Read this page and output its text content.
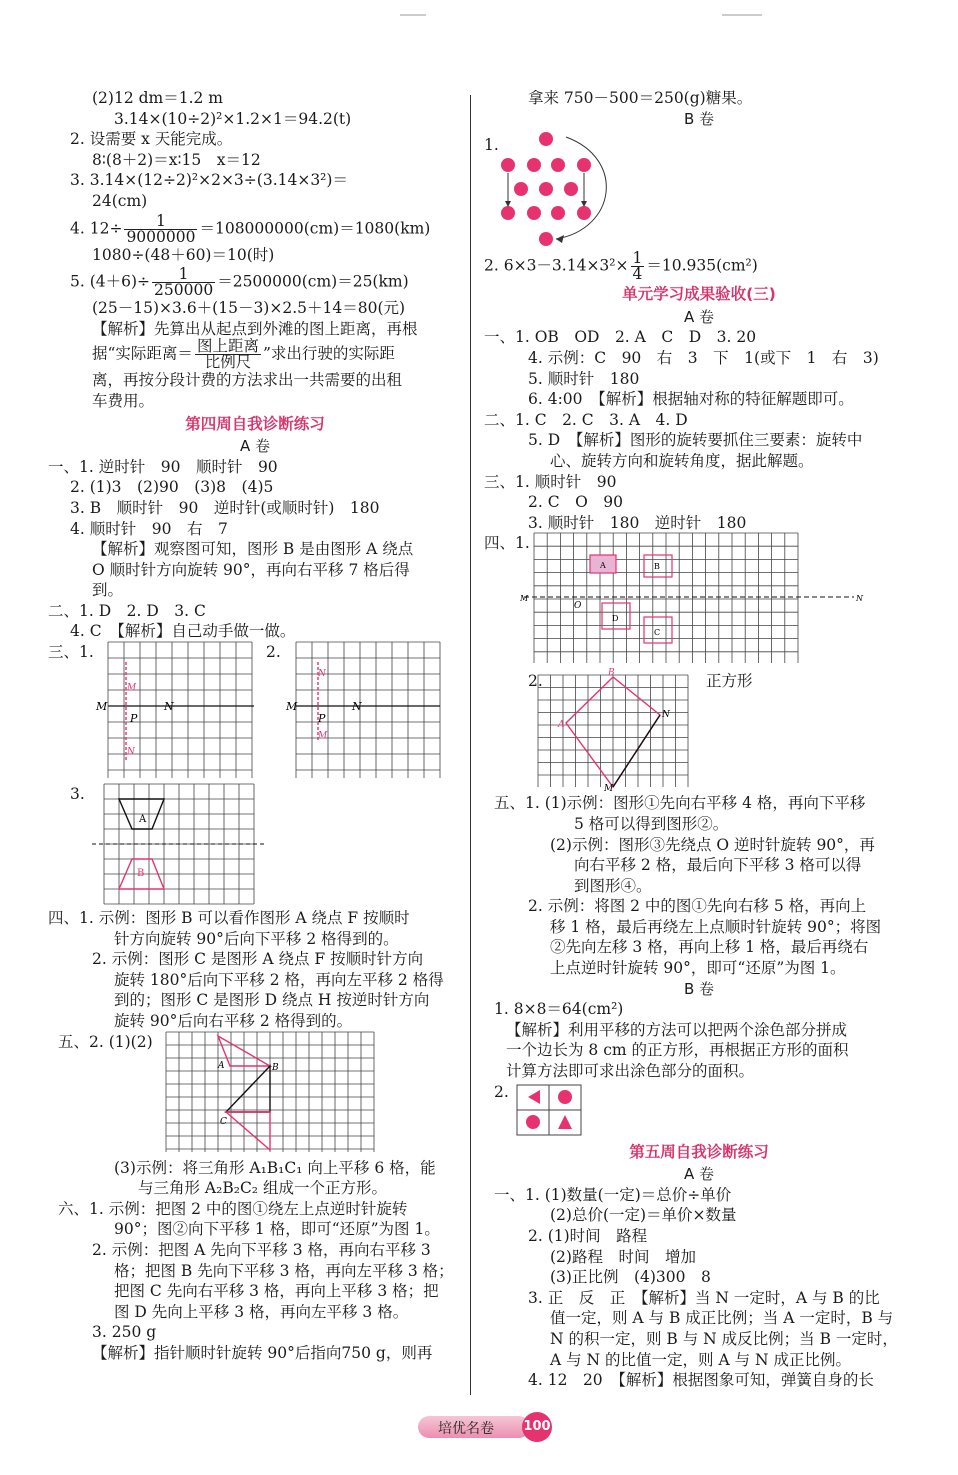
(2)12 dm＝1.2 m
3.14×(10÷2)²×1.2×1＝94.2(t)
2. 设需要 x 天能完成。
8∶(8＋2)＝x∶15　x＝12
3. 3.14×(12÷2)²×2×3÷(3.14×3²)＝
24(cm)
4. $12\div \frac{1}{9000000} =108000000(cm)=1080(km)$
1080÷(48＋60)＝10(时)
5. $(4+6)\div \frac{1}{250000} =2500000(cm)=25(km)$
(25－15)×3.6＋(15－3)×2.5＋14＝80(元)
【解析】先算出从起点到外滩的图上距离，再根
据“实际距离＝ $\frac{\text{图上距离}}{\text{比例尺}}$ ”求出行驶的实际距
离，再按分段计费的方法求出一共需要的出租
车费用。
第四周自我诊断练习
A 卷
一、1. 逆时针　90　顺时针　90
2. (1)3　(2)90　(3)8　(4)5
3. B　顺时针　90　逆时针(或顺时针)　180
4. 顺时针　90　右　7
【解析】观察图可知，图形 B 是由图形 A 绕点
O 顺时针方向旋转 90°，再向右平移 7 格后得
到。
二、1. D　2. D　3. C
4. C　【解析】自己动手做一做。
三、1.
M	N
P
M
N
2.
M	N
P
N
M
3.
A
B
四、1. 示例：图形 B 可以看作图形 A 绕点 F 按顺时
针方向旋转 90°后向下平移 2 格得到的。
2. 示例：图形 C 是图形 A 绕点 F 按顺时针方向
旋转 180°后向下平移 2 格，再向左平移 2 格得
到的；图形 C 是图形 D 绕点 H 按逆时针方向
旋转 90°后向右平移 2 格得到的。
五、2. (1)(2)
B
C
A
(3)示例：将三角形 A₁B₁C₁ 向上平移 6 格，能
与三角形 A₂B₂C₂ 组成一个正方形。
六、1. 示例：把图 2 中的图①绕左上点逆时针旋转
90°；图②向下平移 1 格，即可“还原”为图 1。
2. 示例：把图 A 先向下平移 3 格，再向右平移 3
格；把图 B 先向下平移 3 格，再向左平移 3 格；
把图 C 先向右平移 3 格，再向上平移 3 格；把
图 D 先向上平移 3 格，再向左平移 3 格。
3. 250 g
【解析】指针顺时针旋转 90°后指向750 g，则再
拿来 750－500＝250(g)糖果。
B 卷
1.
2. $6\times 3-3.14\times 3^2\times \frac{1}{4} =10.935(cm^2)$
单元学习成果验收(三)
A 卷
一、1. OB　OD　2. A　C　D　3. 20
4. 示例：C　90　右　3　下　1(或下　1　右　3)
5. 顺时针　180
6. 4:00　【解析】根据轴对称的特征解题即可。
二、1. C　2. C　3. A　4. D
5. D　【解析】图形的旋转要抓住三要素：旋转中
心、旋转方向和旋转角度，据此解题。
三、1. 顺时针　90
2. C　O　90
3. 顺时针　180　逆时针　180
四、1.
A	B
D
C
O
M	N
2.	正方形
B
N
M
A
五、1. (1)示例：图形①先向右平移 4 格，再向下平移
5 格可以得到图形②。
(2)示例：图形③先绕点 O 逆时针旋转 90°，再
向右平移 2 格，最后向下平移 3 格可以得
到图形④。
2. 示例：将图 2 中的图①先向右移 5 格，再向上
移 1 格，最后再绕左上点顺时针旋转 90°；将图
②先向左移 3 格，再向上移 1 格，最后再绕右
上点逆时针旋转 90°，即可“还原”为图 1。
B 卷
1. 8×8＝64(cm²)
【解析】利用平移的方法可以把两个涂色部分拼成
一个边长为 8 cm 的正方形，再根据正方形的面积
计算方法即可求出涂色部分的面积。
2.
第五周自我诊断练习
A 卷
一、1. (1)数量(一定)＝总价÷单价
(2)总价(一定)＝单价×数量
2. (1)时间　路程
(2)路程　时间　增加
(3)正比例　(4)300　8
3. 正　反　正　【解析】当 N 一定时，A 与 B 的比
值一定，则 A 与 B 成正比例；当 A 一定时，B 与
N 的积一定，则 B 与 N 成反比例；当 B 一定时，
A 与 N 的比值一定，则 A 与 N 成正比例。
4. 12　20　【解析】根据图象可知，弹簧自身的长
培优名卷 100
